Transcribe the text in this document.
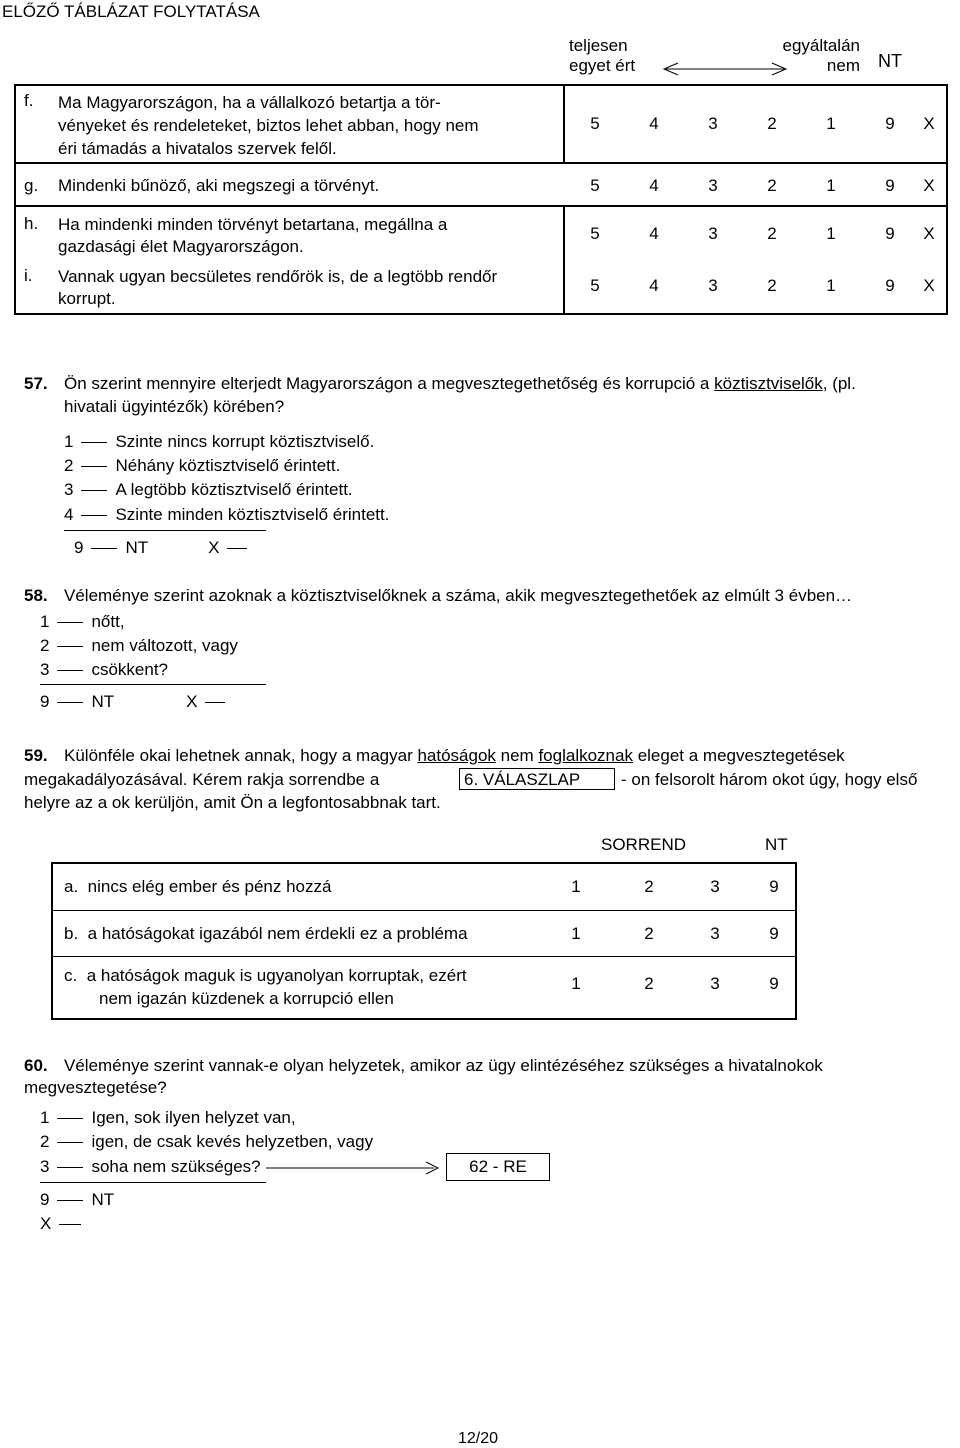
ELŐZŐ TÁBLÁZAT FOLYTATÁSA
teljesen
egyet ért
egyáltalán
nem NT
f. Ma Magyarországon, ha a vállalkozó betartja a tör-
vényeket és rendeleteket, biztos lehet abban, hogy nem
éri támadás a hivatalos szervek felől.
5	4	3	2	1	9 X
g. Mindenki bűnöző, aki megszegi a törvényt.	5	4	3	2	1	9 X
h. Ha mindenki minden törvényt betartana, megállna a
gazdasági élet Magyarországon.
5	4	3	2	1	9 X
i. Vannak ugyan becsületes rendőrök is, de a legtöbb rendőr
korrupt.
5	4	3	2	1	9 X
57. Ön szerint mennyire elterjedt Magyarországon a megvesztegethetőség és korrupció a köztisztviselők, (pl.
hivatali ügyintézők) körében?
1 Szinte nincs korrupt köztisztviselő.
2 Néhány köztisztviselő érintett.
3 A legtöbb köztisztviselő érintett.
4 Szinte minden köztisztviselő érintett.
9 NT	X
58. Véleménye szerint azoknak a köztisztviselőknek a száma, akik megvesztegethetőek az elmúlt 3 évben…
1 nőtt,
2 nem változott, vagy
3 csökkent?
9 NT	X
59. Különféle okai lehetnek annak, hogy a magyar hatóságok nem foglalkoznak eleget a megvesztegetések
megakadályozásával. Kérem rakja sorrendbe a	6. VÁLASZLAP	- on felsorolt három okot úgy, hogy első
helyre az a ok kerüljön, amit Ön a legfontosabbnak tart.
SORREND	NT
a. nincs elég ember és pénz hozzá	1	2	3	9
b. a hatóságokat igazából nem érdekli ez a probléma	1	2	3	9
c. a hatóságok maguk is ugyanolyan korruptak, ezért
nem igazán küzdenek a korrupció ellen
1	2	3	9
60. Véleménye szerint vannak-e olyan helyzetek, amikor az ügy elintézéséhez szükséges a hivatalnokok
megvesztegetése?
1 Igen, sok ilyen helyzet van,
2 igen, de csak kevés helyzetben, vagy
3 soha nem szükséges?	62 - RE
9 NT
X
12/20
